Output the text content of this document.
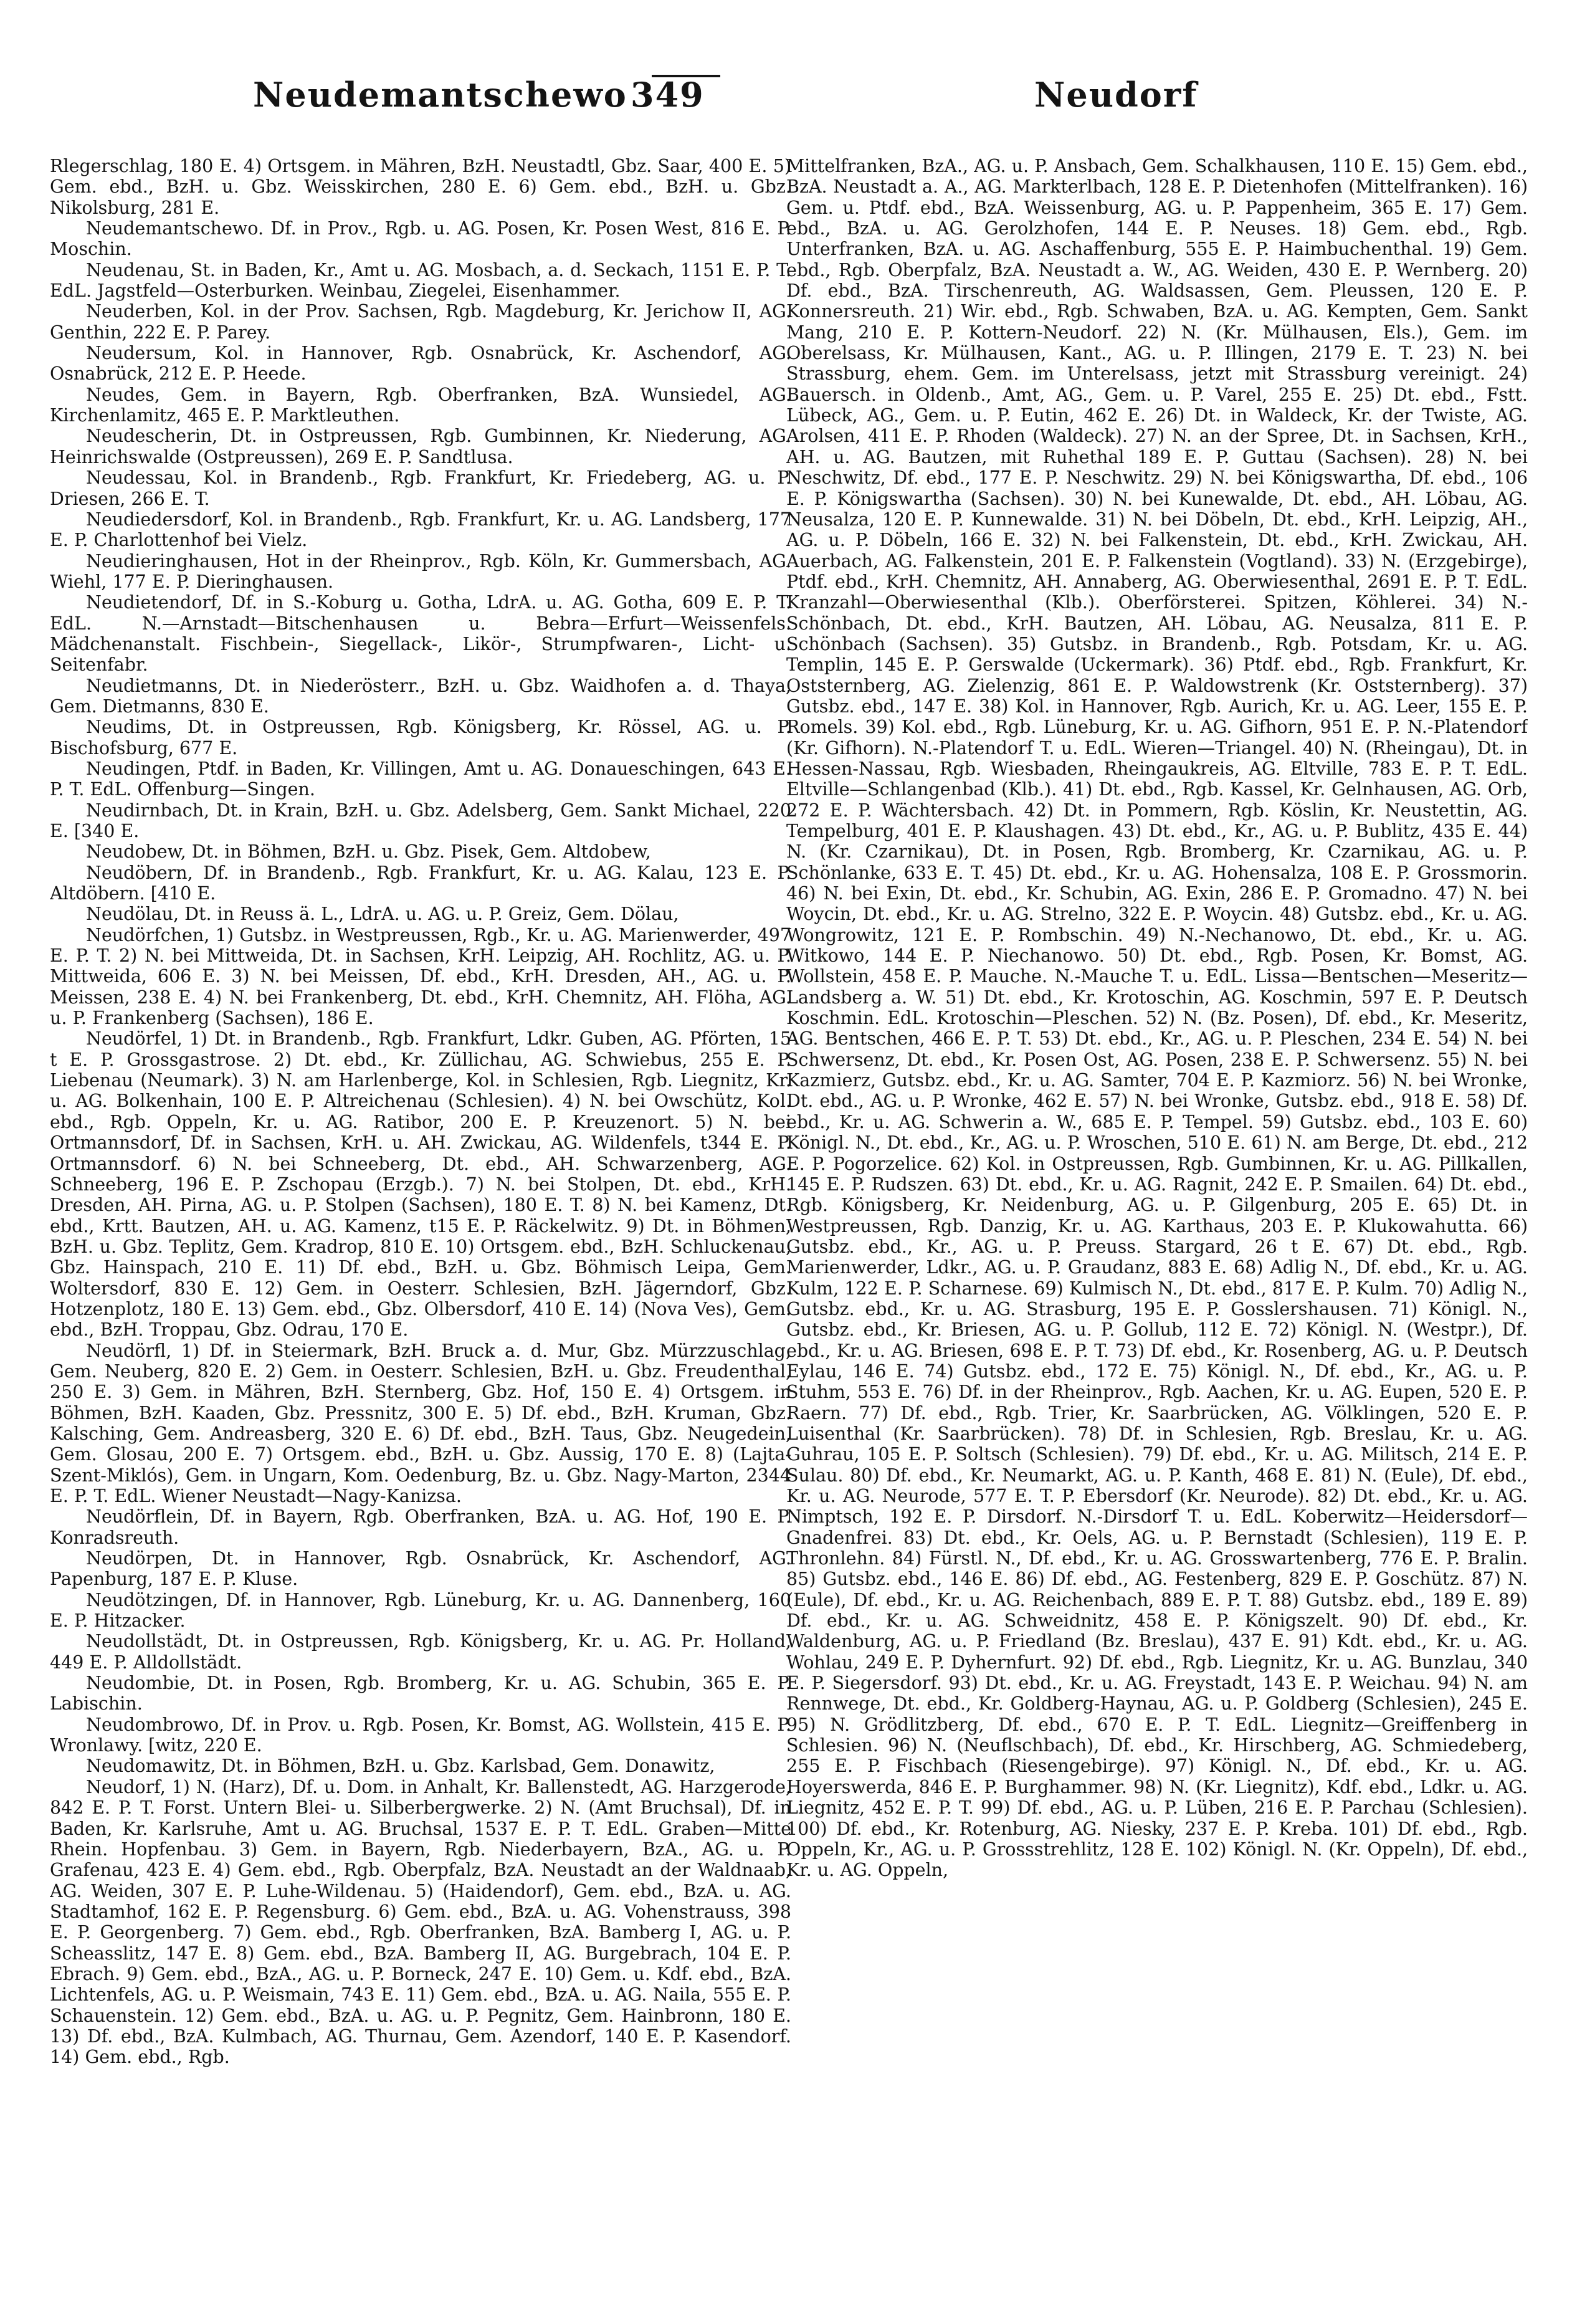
Neudemantschewo 349	Neudorf

Rlegerschlag, 180 E. 4) Ortsgem. in Mähren, BzH. Neustadtl, Gbz. Saar, 400 E. 5) Gem. ebd., BzH. u. Gbz. Weisskirchen, 280 E. 6) Gem. ebd., BzH. u. Gbz. Nikolsburg, 281 E.

Neudemantschewo. Df. in Prov., Rgb. u. AG. Posen, Kr. Posen West, 816 E. P. Moschin.

Neudenau, St. in Baden, Kr., Amt u. AG. Mosbach, a. d. Seckach, 1151 E. P. T. EdL. Jagstfeld—Osterburken. Weinbau, Ziegelei, Eisenhammer.

Neuderben, Kol. in der Prov. Sachsen, Rgb. Magdeburg, Kr. Jerichow II, AG. Genthin, 222 E. P. Parey.

Neudersum, Kol. in Hannover, Rgb. Osnabrück, Kr. Aschendorf, AG. Osnabrück, 212 E. P. Heede.

Neudes, Gem. in Bayern, Rgb. Oberfranken, BzA. Wunsiedel, AG. Kirchenlamitz, 465 E. P. Marktleuthen.

Neudescherin, Dt. in Ostpreussen, Rgb. Gumbinnen, Kr. Niederung, AG. Heinrichswalde (Ostpreussen), 269 E. P. Sandtlusa.

Neudessau, Kol. in Brandenb., Rgb. Frankfurt, Kr. Friedeberg, AG. u. P. Driesen, 266 E. T.

Neudiedersdorf, Kol. in Brandenb., Rgb. Frankfurt, Kr. u. AG. Landsberg, 177 E. P. Charlottenhof bei Vielz.

Neudieringhausen, Hot in der Rheinprov., Rgb. Köln, Kr. Gummersbach, AG. Wiehl, 177 E. P. Dieringhausen.

Neudietendorf, Df. in S.-Koburg u. Gotha, LdrA. u. AG. Gotha, 609 E. P. T. EdL. N.—Arnstadt—Bitschenhausen u. Bebra—Erfurt—Weissenfels. Mädchenanstalt. Fischbein-, Siegellack-, Likör-, Strumpfwaren-, Licht- u. Seitenfabr.

Neudietmanns, Dt. in Niederösterr., BzH. u. Gbz. Waidhofen a. d. Thaya, Gem. Dietmanns, 830 E.

Neudims, Dt. in Ostpreussen, Rgb. Königsberg, Kr. Rössel, AG. u. P. Bischofsburg, 677 E.

Neudingen, Ptdf. in Baden, Kr. Villingen, Amt u. AG. Donaueschingen, 643 E. P. T. EdL. Offenburg—Singen.

Neudirnbach, Dt. in Krain, BzH. u. Gbz. Adelsberg, Gem. Sankt Michael, 220 E. [340 E.

Neudobew, Dt. in Böhmen, BzH. u. Gbz. Pisek, Gem. Altdobew,

Neudöbern, Df. in Brandenb., Rgb. Frankfurt, Kr. u. AG. Kalau, 123 E. P. Altdöbern. [410 E.

Neudölau, Dt. in Reuss ä. L., LdrA. u. AG. u. P. Greiz, Gem. Dölau,

Neudörfchen, 1) Gutsbz. in Westpreussen, Rgb., Kr. u. AG. Marienwerder, 497 E. P. T. 2) N. bei Mittweida, Dt. in Sachsen, KrH. Leipzig, AH. Rochlitz, AG. u. P. Mittweida, 606 E. 3) N. bei Meissen, Df. ebd., KrH. Dresden, AH., AG. u. P. Meissen, 238 E. 4) N. bei Frankenberg, Dt. ebd., KrH. Chemnitz, AH. Flöha, AG. u. P. Frankenberg (Sachsen), 186 E.

Neudörfel, 1) Dt. in Brandenb., Rgb. Frankfurt, Ldkr. Guben, AG. Pförten, 15 t E. P. Grossgastrose. 2) Dt. ebd., Kr. Züllichau, AG. Schwiebus, 255 E. P. Liebenau (Neumark). 3) N. am Harlenberge, Kol. in Schlesien, Rgb. Liegnitz, Kr. u. AG. Bolkenhain, 100 E. P. Altreichenau (Schlesien). 4) N. bei Owschütz, Kol. ebd., Rgb. Oppeln, Kr. u. AG. Ratibor, 200 E. P. Kreuzenort. 5) N. bei Ortmannsdorf, Df. in Sachsen, KrH. u. AH. Zwickau, AG. Wildenfels, t344 E. P. Ortmannsdorf. 6) N. bei Schneeberg, Dt. ebd., AH. Schwarzenberg, AG. Schneeberg, 196 E. P. Zschopau (Erzgb.). 7) N. bei Stolpen, Dt. ebd., KrH. Dresden, AH. Pirna, AG. u. P. Stolpen (Sachsen), 180 E. T. 8) N. bei Kamenz, Dt. ebd., Krtt. Bautzen, AH. u. AG. Kamenz, t15 E. P. Räckelwitz. 9) Dt. in Böhmen, BzH. u. Gbz. Teplitz, Gem. Kradrop, 810 E. 10) Ortsgem. ebd., BzH. Schluckenau, Gbz. Hainspach, 210 E. 11) Df. ebd., BzH. u. Gbz. Böhmisch Leipa, Gem. Woltersdorf, 830 E. 12) Gem. in Oesterr. Schlesien, BzH. Jägerndorf, Gbz. Hotzenplotz, 180 E. 13) Gem. ebd., Gbz. Olbersdorf, 410 E. 14) (Nova Ves), Gem. ebd., BzH. Troppau, Gbz. Odrau, 170 E.

Neudörfl, 1) Df. in Steiermark, BzH. Bruck a. d. Mur, Gbz. Mürzzuschlag, Gem. Neuberg, 820 E. 2) Gem. in Oesterr. Schlesien, BzH. u. Gbz. Freudenthal, 250 E. 3) Gem. in Mähren, BzH. Sternberg, Gbz. Hof, 150 E. 4) Ortsgem. in Böhmen, BzH. Kaaden, Gbz. Pressnitz, 300 E. 5) Df. ebd., BzH. Kruman, Gbz. Kalsching, Gem. Andreasberg, 320 E. 6) Df. ebd., BzH. Taus, Gbz. Neugedein, Gem. Glosau, 200 E. 7) Ortsgem. ebd., BzH. u. Gbz. Aussig, 170 E. 8) (Lajta-Szent-Miklós), Gem. in Ungarn, Kom. Oedenburg, Bz. u. Gbz. Nagy-Marton, 2344 E. P. T. EdL. Wiener Neustadt—Nagy-Kanizsa.

Neudörflein, Df. in Bayern, Rgb. Oberfranken, BzA. u. AG. Hof, 190 E. P. Konradsreuth.

Neudörpen, Dt. in Hannover, Rgb. Osnabrück, Kr. Aschendorf, AG. Papenburg, 187 E. P. Kluse.

Neudötzingen, Df. in Hannover, Rgb. Lüneburg, Kr. u. AG. Dannenberg, 160 E. P. Hitzacker.

Neudollstädt, Dt. in Ostpreussen, Rgb. Königsberg, Kr. u. AG. Pr. Holland, 449 E. P. Alldollstädt.

Neudombie, Dt. in Posen, Rgb. Bromberg, Kr. u. AG. Schubin, 365 E. P. Labischin.

Neudombrowo, Df. in Prov. u. Rgb. Posen, Kr. Bomst, AG. Wollstein, 415 E. P. Wronlawy. [witz, 220 E.

Neudomawitz, Dt. in Böhmen, BzH. u. Gbz. Karlsbad, Gem. Donawitz,

Neudorf, 1) N. (Harz), Df. u. Dom. in Anhalt, Kr. Ballenstedt, AG. Harzgerode, 842 E. P. T. Forst. Untern Blei- u. Silberbergwerke. 2) N. (Amt Bruchsal), Df. in Baden, Kr. Karlsruhe, Amt u. AG. Bruchsal, 1537 E. P. T. EdL. Graben—Mitte Rhein. Hopfenbau. 3) Gem. in Bayern, Rgb. Niederbayern, BzA., AG. u. P. Grafenau, 423 E. 4) Gem. ebd., Rgb. Oberpfalz, BzA. Neustadt an der Waldnaab, AG. Weiden, 307 E. P. Luhe-Wildenau. 5) (Haidendorf), Gem. ebd., BzA. u. AG. Stadtamhof, 162 E. P. Regensburg. 6) Gem. ebd., BzA. u. AG. Vohenstrauss, 398 E. P. Georgenberg. 7) Gem. ebd., Rgb. Oberfranken, BzA. Bamberg I, AG. u. P. Scheasslitz, 147 E. 8) Gem. ebd., BzA. Bamberg II, AG. Burgebrach, 104 E. P. Ebrach. 9) Gem. ebd., BzA., AG. u. P. Borneck, 247 E. 10) Gem. u. Kdf. ebd., BzA. Lichtenfels, AG. u. P. Weismain, 743 E. 11) Gem. ebd., BzA. u. AG. Naila, 555 E. P. Schauenstein. 12) Gem. ebd., BzA. u. AG. u. P. Pegnitz, Gem. Hainbronn, 180 E. 13) Df. ebd., BzA. Kulmbach, AG. Thurnau, Gem. Azendorf, 140 E. P. Kasendorf. 14) Gem. ebd., Rgb.

Mittelfranken, BzA., AG. u. P. Ansbach, Gem. Schalkhausen, 110 E. 15) Gem. ebd., BzA. Neustadt a. A., AG. Markterlbach, 128 E. P. Dietenhofen (Mittelfranken). 16) Gem. u. Ptdf. ebd., BzA. Weissenburg, AG. u. P. Pappenheim, 365 E. 17) Gem. ebd., BzA. u. AG. Gerolzhofen, 144 E. P. Neuses. 18) Gem. ebd., Rgb. Unterfranken, BzA. u. AG. Aschaffenburg, 555 E. P. Haimbuchenthal. 19) Gem. ebd., Rgb. Oberpfalz, BzA. Neustadt a. W., AG. Weiden, 430 E. P. Wernberg. 20) Df. ebd., BzA. Tirschenreuth, AG. Waldsassen, Gem. Pleussen, 120 E. P. Konnersreuth. 21) Wir. ebd., Rgb. Schwaben, BzA. u. AG. Kempten, Gem. Sankt Mang, 210 E. P. Kottern-Neudorf. 22) N. (Kr. Mülhausen, Els.), Gem. im Oberelsass, Kr. Mülhausen, Kant., AG. u. P. Illingen, 2179 E. T. 23) N. bei Strassburg, ehem. Gem. im Unterelsass, jetzt mit Strassburg vereinigt. 24) Bauersch. in Oldenb., Amt, AG., Gem. u. P. Varel, 255 E. 25) Dt. ebd., Fstt. Lübeck, AG., Gem. u. P. Eutin, 462 E. 26) Dt. in Waldeck, Kr. der Twiste, AG. Arolsen, 411 E. P. Rhoden (Waldeck). 27) N. an der Spree, Dt. in Sachsen, KrH., AH. u. AG. Bautzen, mit Ruhethal 189 E. P. Guttau (Sachsen). 28) N. bei Neschwitz, Df. ebd., 177 E. P. Neschwitz. 29) N. bei Königswartha, Df. ebd., 106 E. P. Königswartha (Sachsen). 30) N. bei Kunewalde, Dt. ebd., AH. Löbau, AG. Neusalza, 120 E. P. Kunnewalde. 31) N. bei Döbeln, Dt. ebd., KrH. Leipzig, AH., AG. u. P. Döbeln, 166 E. 32) N. bei Falkenstein, Dt. ebd., KrH. Zwickau, AH. Auerbach, AG. Falkenstein, 201 E. P. Falkenstein (Vogtland). 33) N. (Erzgebirge), Ptdf. ebd., KrH. Chemnitz, AH. Annaberg, AG. Oberwiesenthal, 2691 E. P. T. EdL. Kranzahl—Oberwiesenthal (Klb.). Oberförsterei. Spitzen, Köhlerei. 34) N.-Schönbach, Dt. ebd., KrH. Bautzen, AH. Löbau, AG. Neusalza, 811 E. P. Schönbach (Sachsen). 35) Gutsbz. in Brandenb., Rgb. Potsdam, Kr. u. AG. Templin, 145 E. P. Gerswalde (Uckermark). 36) Ptdf. ebd., Rgb. Frankfurt, Kr. Oststernberg, AG. Zielenzig, 861 E. P. Waldowstrenk (Kr. Oststernberg). 37) Gutsbz. ebd., 147 E. 38) Kol. in Hannover, Rgb. Aurich, Kr. u. AG. Leer, 155 E. P. Romels. 39) Kol. ebd., Rgb. Lüneburg, Kr. u. AG. Gifhorn, 951 E. P. N.-Platendorf (Kr. Gifhorn). N.-Platendorf T. u. EdL. Wieren—Triangel. 40) N. (Rheingau), Dt. in Hessen-Nassau, Rgb. Wiesbaden, Rheingaukreis, AG. Eltville, 783 E. P. T. EdL. Eltville—Schlangenbad (Klb.). 41) Dt. ebd., Rgb. Kassel, Kr. Gelnhausen, AG. Orb, 272 E. P. Wächtersbach. 42) Dt. in Pommern, Rgb. Köslin, Kr. Neustettin, AG. Tempelburg, 401 E. P. Klaushagen. 43) Dt. ebd., Kr., AG. u. P. Bublitz, 435 E. 44) N. (Kr. Czarnikau), Dt. in Posen, Rgb. Bromberg, Kr. Czarnikau, AG. u. P. Schönlanke, 633 E. T. 45) Dt. ebd., Kr. u. AG. Hohensalza, 108 E. P. Grossmorin. 46) N. bei Exin, Dt. ebd., Kr. Schubin, AG. Exin, 286 E. P. Gromadno. 47) N. bei Woycin, Dt. ebd., Kr. u. AG. Strelno, 322 E. P. Woycin. 48) Gutsbz. ebd., Kr. u. AG. Wongrowitz, 121 E. P. Rombschin. 49) N.-Nechanowo, Dt. ebd., Kr. u. AG. Witkowo, 144 E. P. Niechanowo. 50) Dt. ebd., Rgb. Posen, Kr. Bomst, AG. Wollstein, 458 E. P. Mauche. N.-Mauche T. u. EdL. Lissa—Bentschen—Meseritz—Landsberg a. W. 51) Dt. ebd., Kr. Krotoschin, AG. Koschmin, 597 E. P. Deutsch Koschmin. EdL. Krotoschin—Pleschen. 52) N. (Bz. Posen), Df. ebd., Kr. Meseritz, AG. Bentschen, 466 E. P. T. 53) Dt. ebd., Kr., AG. u. P. Pleschen, 234 E. 54) N. bei Schwersenz, Dt. ebd., Kr. Posen Ost, AG. Posen, 238 E. P. Schwersenz. 55) N. bei Kazmierz, Gutsbz. ebd., Kr. u. AG. Samter, 704 E. P. Kazmiorz. 56) N. bei Wronke, Dt. ebd., AG. u. P. Wronke, 462 E. 57) N. bei Wronke, Gutsbz. ebd., 918 E. 58) Df. ebd., Kr. u. AG. Schwerin a. W., 685 E. P. Tempel. 59) Gutsbz. ebd., 103 E. 60) Königl. N., Dt. ebd., Kr., AG. u. P. Wroschen, 510 E. 61) N. am Berge, Dt. ebd., 212 E. P. Pogorzelice. 62) Kol. in Ostpreussen, Rgb. Gumbinnen, Kr. u. AG. Pillkallen, 145 E. P. Rudszen. 63) Dt. ebd., Kr. u. AG. Ragnit, 242 E. P. Smailen. 64) Dt. ebd., Rgb. Königsberg, Kr. Neidenburg, AG. u. P. Gilgenburg, 205 E. 65) Dt. in Westpreussen, Rgb. Danzig, Kr. u. AG. Karthaus, 203 E. P. Klukowahutta. 66) Gutsbz. ebd., Kr., AG. u. P. Preuss. Stargard, 26 t E. 67) Dt. ebd., Rgb. Marienwerder, Ldkr., AG. u. P. Graudanz, 883 E. 68) Adlig N., Df. ebd., Kr. u. AG. Kulm, 122 E. P. Scharnese. 69) Kulmisch N., Dt. ebd., 817 E. P. Kulm. 70) Adlig N., Gutsbz. ebd., Kr. u. AG. Strasburg, 195 E. P. Gosslershausen. 71) Königl. N., Gutsbz. ebd., Kr. Briesen, AG. u. P. Gollub, 112 E. 72) Königl. N. (Westpr.), Df. ebd., Kr. u. AG. Briesen, 698 E. P. T. 73) Df. ebd., Kr. Rosenberg, AG. u. P. Deutsch Eylau, 146 E. 74) Gutsbz. ebd., 172 E. 75) Königl. N., Df. ebd., Kr., AG. u. P. Stuhm, 553 E. 76) Df. in der Rheinprov., Rgb. Aachen, Kr. u. AG. Eupen, 520 E. P. Raern. 77) Df. ebd., Rgb. Trier, Kr. Saarbrücken, AG. Völklingen, 520 E. P. Luisenthal (Kr. Saarbrücken). 78) Df. in Schlesien, Rgb. Breslau, Kr. u. AG. Guhrau, 105 E. P. Soltsch (Schlesien). 79) Df. ebd., Kr. u. AG. Militsch, 214 E. P. Sulau. 80) Df. ebd., Kr. Neumarkt, AG. u. P. Kanth, 468 E. 81) N. (Eule), Df. ebd., Kr. u. AG. Neurode, 577 E. T. P. Ebersdorf (Kr. Neurode). 82) Dt. ebd., Kr. u. AG. Nimptsch, 192 E. P. Dirsdorf. N.-Dirsdorf T. u. EdL. Koberwitz—Heidersdorf—Gnadenfrei. 83) Dt. ebd., Kr. Oels, AG. u. P. Bernstadt (Schlesien), 119 E. P. Thronlehn. 84) Fürstl. N., Df. ebd., Kr. u. AG. Grosswartenberg, 776 E. P. Bralin. 85) Gutsbz. ebd., 146 E. 86) Df. ebd., AG. Festenberg, 829 E. P. Goschütz. 87) N. (Eule), Df. ebd., Kr. u. AG. Reichenbach, 889 E. P. T. 88) Gutsbz. ebd., 189 E. 89) Df. ebd., Kr. u. AG. Schweidnitz, 458 E. P. Königszelt. 90) Df. ebd., Kr. Waldenburg, AG. u. P. Friedland (Bz. Breslau), 437 E. 91) Kdt. ebd., Kr. u. AG. Wohlau, 249 E. P. Dyhernfurt. 92) Df. ebd., Rgb. Liegnitz, Kr. u. AG. Bunzlau, 340 E. P. Siegersdorf. 93) Dt. ebd., Kr. u. AG. Freystadt, 143 E. P. Weichau. 94) N. am Rennwege, Dt. ebd., Kr. Goldberg-Haynau, AG. u. P. Goldberg (Schlesien), 245 E. 95) N. Grödlitzberg, Df. ebd., 670 E. P. T. EdL. Liegnitz—Greiffenberg in Schlesien. 96) N. (Neuflschbach), Df. ebd., Kr. Hirschberg, AG. Schmiedeberg, 255 E. P. Fischbach (Riesengebirge). 97) Königl. N., Df. ebd., Kr. u. AG. Hoyerswerda, 846 E. P. Burghammer. 98) N. (Kr. Liegnitz), Kdf. ebd., Ldkr. u. AG. Liegnitz, 452 E. P. T. 99) Df. ebd., AG. u. P. Lüben, 216 E. P. Parchau (Schlesien). 100) Df. ebd., Kr. Rotenburg, AG. Niesky, 237 E. P. Kreba. 101) Df. ebd., Rgb. Oppeln, Kr., AG. u. P. Grossstrehlitz, 128 E. 102) Königl. N. (Kr. Oppeln), Df. ebd., Kr. u. AG. Oppeln,
